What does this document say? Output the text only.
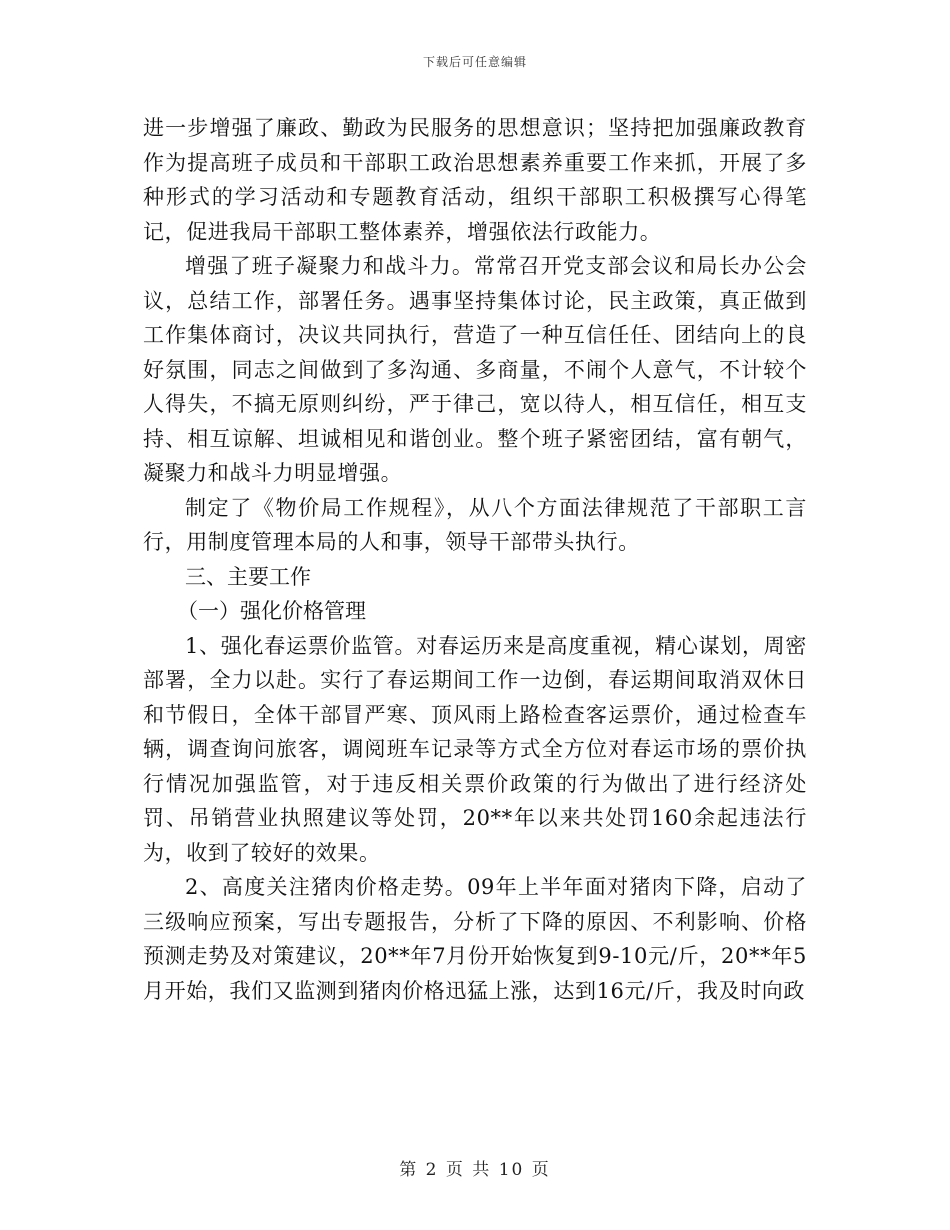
下载后可任意编辑

进一步增强了廉政、勤政为民服务的思想意识；坚持把加强廉政教育作为提高班子成员和干部职工政治思想素养重要工作来抓，开展了多种形式的学习活动和专题教育活动，组织干部职工积极撰写心得笔记，促进我局干部职工整体素养，增强依法行政能力。

增强了班子凝聚力和战斗力。常常召开党支部会议和局长办公会议，总结工作，部署任务。遇事坚持集体讨论，民主政策，真正做到工作集体商讨，决议共同执行，营造了一种互信任任、团结向上的良好氛围，同志之间做到了多沟通、多商量，不闹个人意气，不计较个人得失，不搞无原则纠纷，严于律己，宽以待人，相互信任，相互支持、相互谅解、坦诚相见和谐创业。整个班子紧密团结，富有朝气，凝聚力和战斗力明显增强。

制定了《物价局工作规程》，从八个方面法律规范了干部职工言行，用制度管理本局的人和事，领导干部带头执行。

三、主要工作

（一）强化价格管理

1、强化春运票价监管。对春运历来是高度重视，精心谋划，周密部署，全力以赴。实行了春运期间工作一边倒，春运期间取消双休日和节假日，全体干部冒严寒、顶风雨上路检查客运票价，通过检查车辆，调查询问旅客，调阅班车记录等方式全方位对春运市场的票价执行情况加强监管，对于违反相关票价政策的行为做出了进行经济处罚、吊销营业执照建议等处罚，20**年以来共处罚160余起违法行为，收到了较好的效果。

2、高度关注猪肉价格走势。09年上半年面对猪肉下降，启动了三级响应预案，写出专题报告，分析了下降的原因、不利影响、价格预测走势及对策建议，20**年7月份开始恢复到9-10元/斤，20**年5月开始，我们又监测到猪肉价格迅猛上涨，达到16元/斤，我及时向政

第 2 页 共 10 页
